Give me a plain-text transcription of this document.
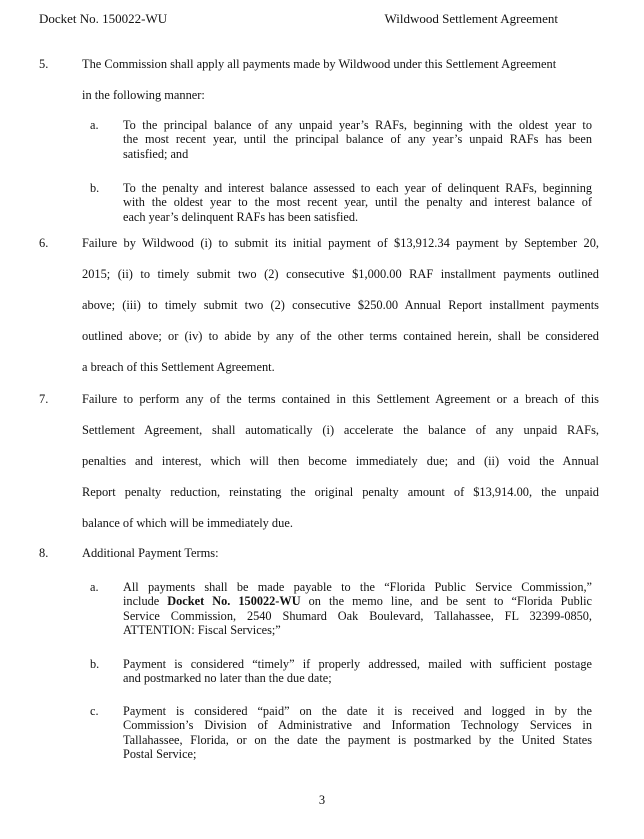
Docket No. 150022-WU	Wildwood Settlement Agreement
5.	The Commission shall apply all payments made by Wildwood under this Settlement Agreement
in the following manner:
a.	To the principal balance of any unpaid year’s RAFs, beginning with the oldest year to
the most recent year, until the principal balance of any year’s unpaid RAFs has been
satisfied; and
b.	To the penalty and interest balance assessed to each year of delinquent RAFs, beginning
with the oldest year to the most recent year, until the penalty and interest balance of
each year’s delinquent RAFs has been satisfied.
6.	Failure by Wildwood (i) to submit its initial payment of $13,912.34 payment by September 20,
2015; (ii) to timely submit two (2) consecutive $1,000.00 RAF installment payments outlined
above; (iii) to timely submit two (2) consecutive $250.00 Annual Report installment payments
outlined above; or (iv) to abide by any of the other terms contained herein, shall be considered
a breach of this Settlement Agreement.
7.	Failure to perform any of the terms contained in this Settlement Agreement or a breach of this
Settlement Agreement, shall automatically (i) accelerate the balance of any unpaid RAFs,
penalties and interest, which will then become immediately due; and (ii) void the Annual
Report penalty reduction, reinstating the original penalty amount of $13,914.00, the unpaid
balance of which will be immediately due.
8.	Additional Payment Terms:
a.	All payments shall be made payable to the “Florida Public Service Commission,”
include Docket No. 150022-WU on the memo line, and be sent to “Florida Public
Service Commission, 2540 Shumard Oak Boulevard, Tallahassee, FL 32399-0850,
ATTENTION: Fiscal Services;”
b.	Payment is considered “timely” if properly addressed, mailed with sufficient postage
and postmarked no later than the due date;
c.	Payment is considered “paid” on the date it is received and logged in by the
Commission’s Division of Administrative and Information Technology Services in
Tallahassee, Florida, or on the date the payment is postmarked by the United States
Postal Service;
3
